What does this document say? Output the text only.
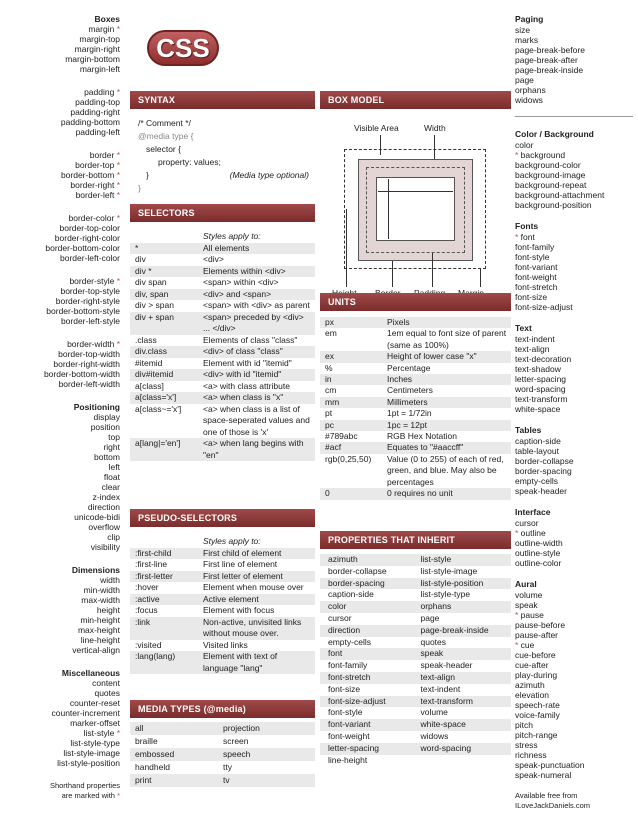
Boxes
margin *
margin-top
margin-right
margin-bottom
margin-left
padding *
padding-top
padding-right
padding-bottom
padding-left
border *
border-top *
border-bottom *
border-right *
border-left *
border-color *
border-top-color
border-right-color
border-bottom-color
border-left-color
border-style *
border-top-style
border-right-style
border-bottom-style
border-left-style
border-width *
border-top-width
border-right-width
border-bottom-width
border-left-width
Positioning
display
position
top
right
bottom
left
float
clear
z-index
direction
unicode-bidi
overflow
clip
visibility
Dimensions
width
min-width
max-width
height
min-height
max-height
line-height
vertical-align
Miscellaneous
content
quotes
counter-reset
counter-increment
marker-offset
list-style *
list-style-type
list-style-image
list-style-position
Shorthand properties
are marked with *
CSS
SYNTAX
/* Comment */
@media type {
selector {
property: values;
}
}
(Media type optional)
SELECTORS
	Styles apply to:
*	All elements
div	<div>
div *	Elements within <div>
div span	<span> within <div>
div, span	<div> and <span>
div > span	<span> with <div> as parent
div + span	<span> preceded by <div> ... </div>
.class	Elements of class "class"
div.class	<div> of class "class"
#itemid	Element with id "itemid"
div#itemid	<div> with id "itemid"
a[class]	<a> with class attribute
a[class='x']	<a> when class is "x"
a[class~='x']	<a> when class is a list of space-seperated values and one of those is 'x'
a[lang|='en']	<a> when lang begins with "en"
PSEUDO-SELECTORS
	Styles apply to:
:first-child	First child of element
:first-line	First line of element
:first-letter	First letter of element
:hover	Element when mouse over
:active	Active element
:focus	Element with focus
:link	Non-active, unvisited links without mouse over.
:visited	Visited links
:lang(lang)	Element with text of language "lang"
MEDIA TYPES (@media)
all	projection
braille	screen
embossed	speech
handheld	tty
print	tv
BOX MODEL
Visible Area	Width
UNITS
px	Pixels
em	1em equal to font size of parent (same as 100%)
ex	Height of lower case "x"
%	Percentage
in	Inches
cm	Centimeters
mm	Millimeters
pt	1pt = 1/72in
pc	1pc = 12pt
#789abc	RGB Hex Notation
#acf	Equates to "#aaccff"
rgb(0,25,50)	Value (0 to 255) of each of red, green, and blue. May also be percentages
0	0 requires no unit
PROPERTIES THAT INHERIT
azimuth	list-style
border-collapse	list-style-image
border-spacing	list-style-position
caption-side	list-style-type
color	orphans
cursor	page
direction	page-break-inside
empty-cells	quotes
font	speak
font-family	speak-header
font-stretch	text-align
font-size	text-indent
font-size-adjust	text-transform
font-style	volume
font-variant	white-space
font-weight	widows
letter-spacing	word-spacing
line-height	
Paging
size
marks
page-break-before
page-break-after
page-break-inside
page
orphans
widows
Color / Background
color
* background
background-color
background-image
background-repeat
background-attachment
background-position
Fonts
* font
font-family
font-style
font-variant
font-weight
font-stretch
font-size
font-size-adjust
Text
text-indent
text-align
text-decoration
text-shadow
letter-spacing
word-spacing
text-transform
white-space
Tables
caption-side
table-layout
border-collapse
border-spacing
empty-cells
speak-header
Interface
cursor
* outline
outline-width
outline-style
outline-color
Aural
volume
speak
* pause
pause-before
pause-after
* cue
cue-before
cue-after
play-during
azimuth
elevation
speech-rate
voice-family
pitch
pitch-range
stress
richness
speak-punctuation
speak-numeral
Available free from
ILoveJackDaniels.com
